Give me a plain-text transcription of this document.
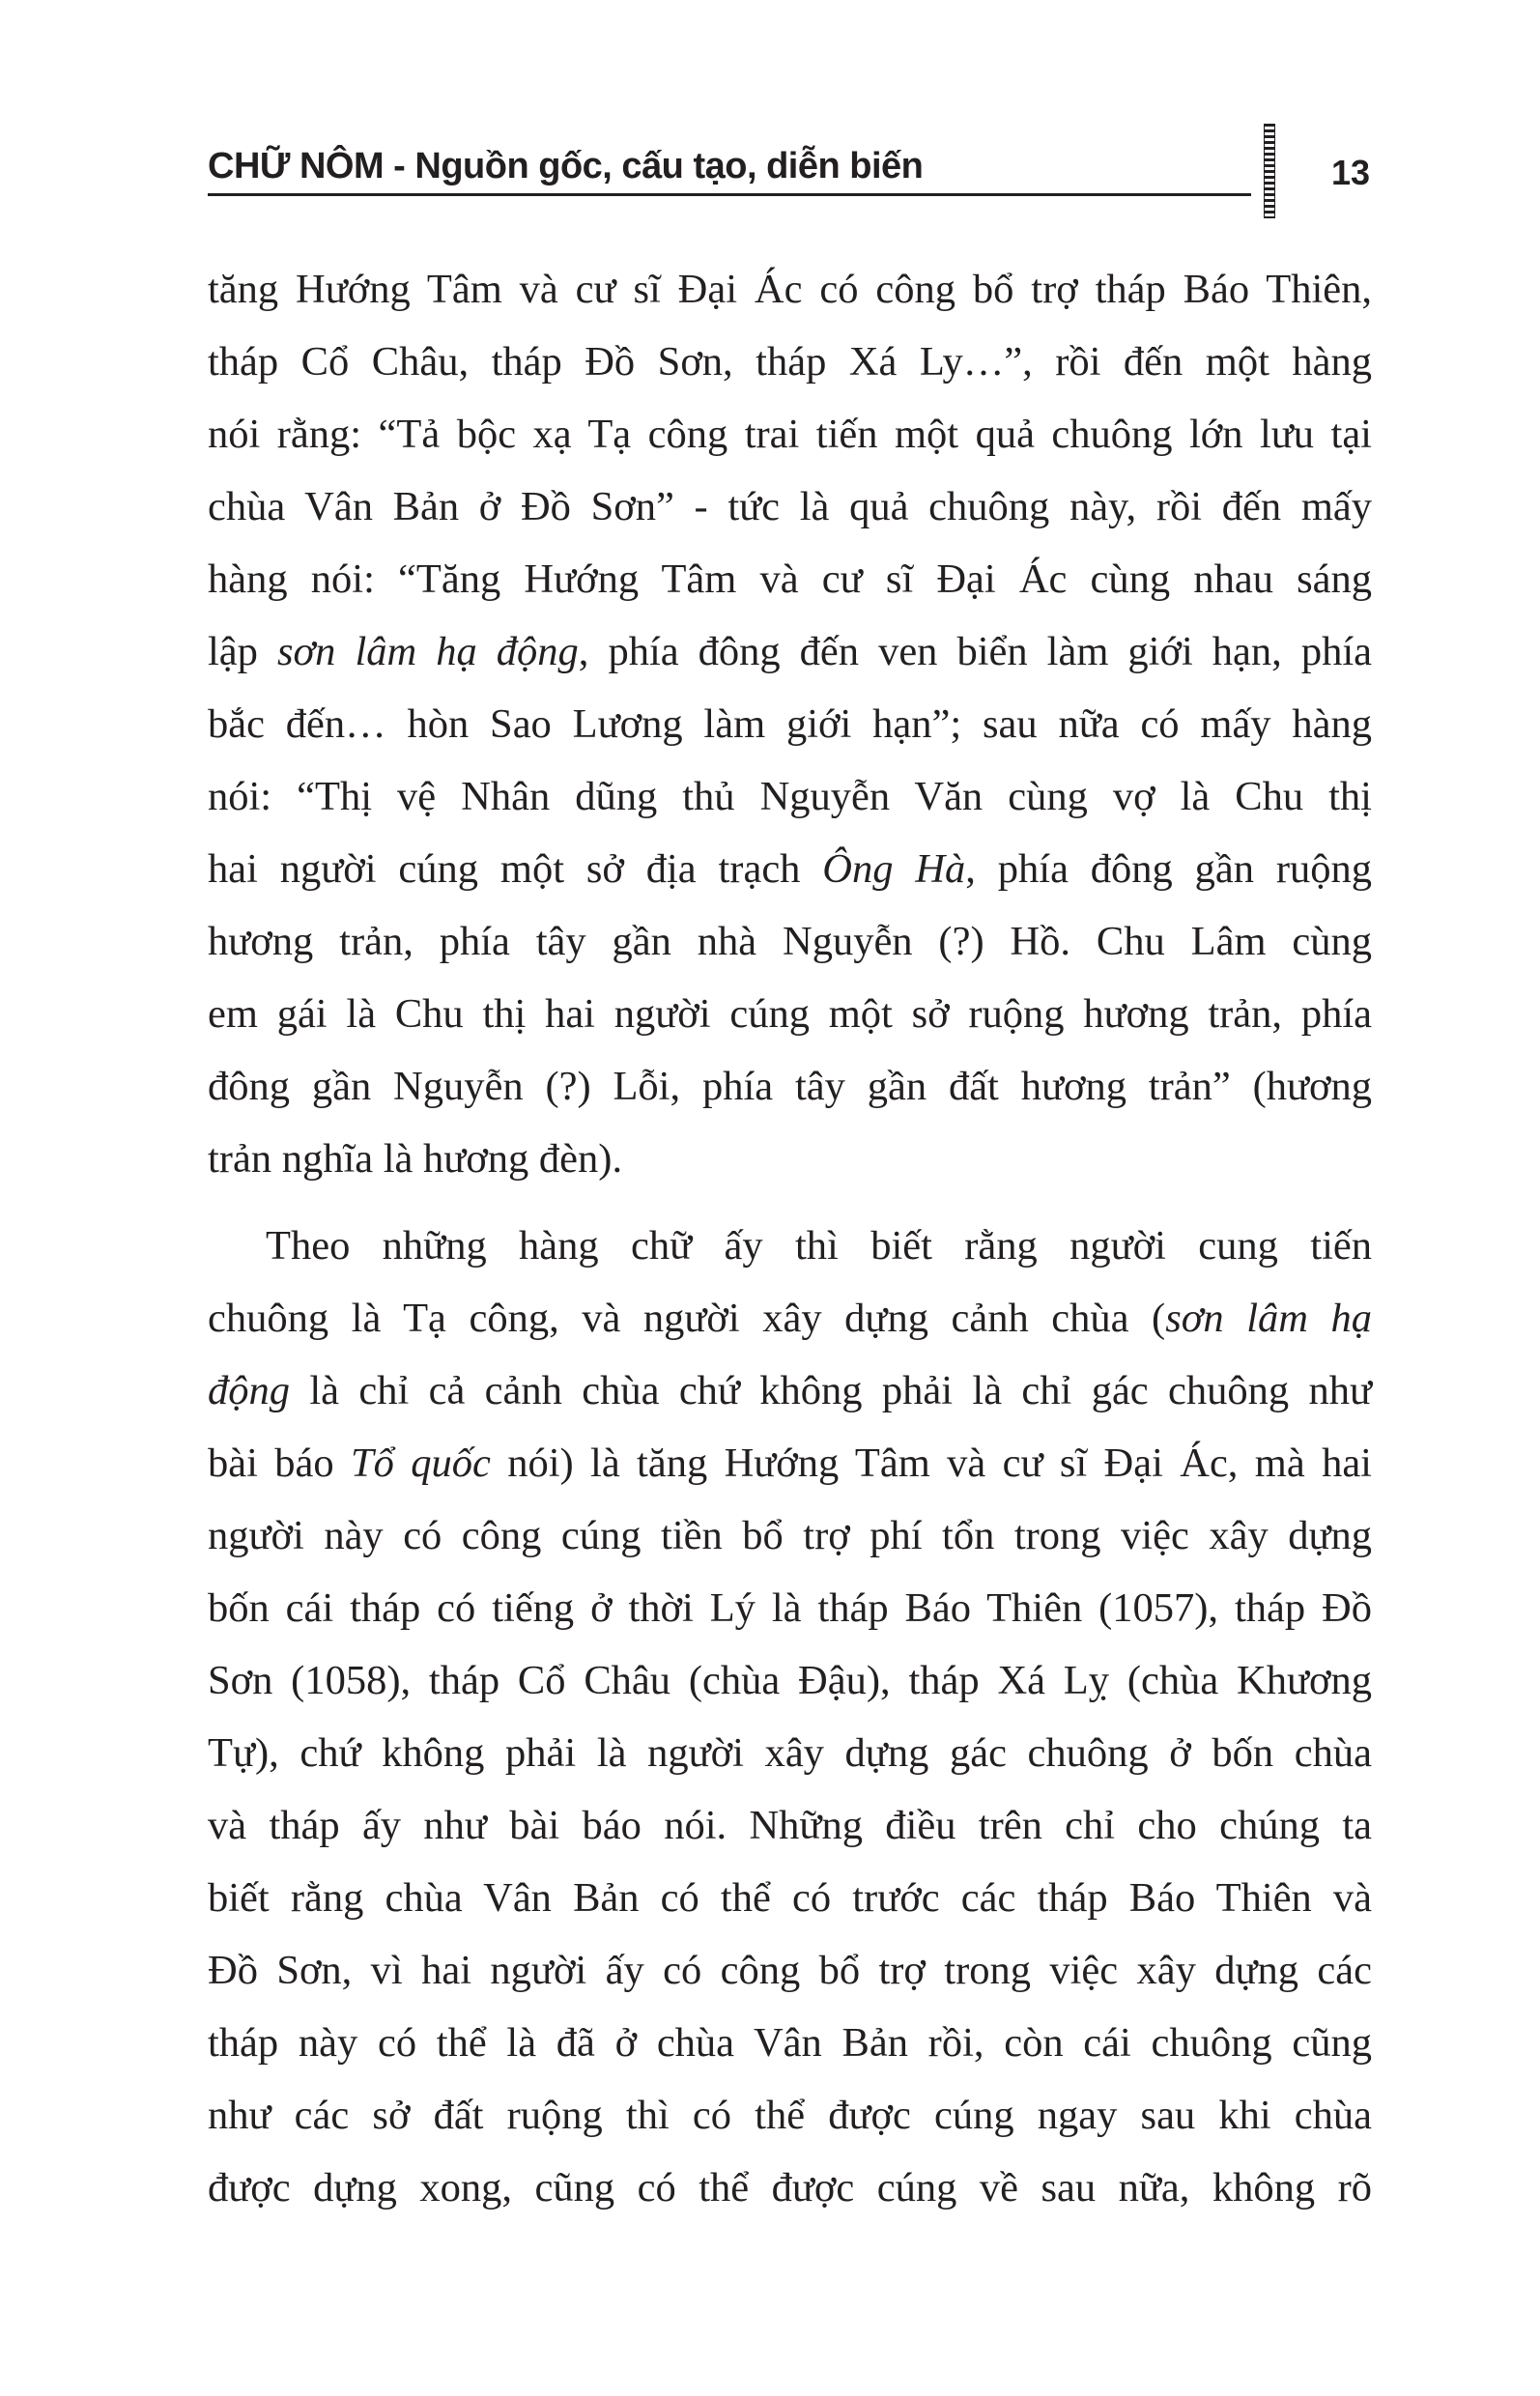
CHỮ NÔM - Nguồn gốc, cấu tạo, diễn biến	13
tăng Hướng Tâm và cư sĩ Đại Ác có công bổ trợ tháp Báo Thiên,
tháp Cổ Châu, tháp Đồ Sơn, tháp Xá Ly…”, rồi đến một hàng
nói rằng: “Tả bộc xạ Tạ công trai tiến một quả chuông lớn lưu tại
chùa Vân Bản ở Đồ Sơn” - tức là quả chuông này, rồi đến mấy
hàng nói: “Tăng Hướng Tâm và cư sĩ Đại Ác cùng nhau sáng
lập sơn lâm hạ động, phía đông đến ven biển làm giới hạn, phía
bắc đến… hòn Sao Lương làm giới hạn”; sau nữa có mấy hàng
nói: “Thị vệ Nhân dũng thủ Nguyễn Văn cùng vợ là Chu thị
hai người cúng một sở địa trạch Ông Hà, phía đông gần ruộng
hương trản, phía tây gần nhà Nguyễn (?) Hồ. Chu Lâm cùng
em gái là Chu thị hai người cúng một sở ruộng hương trản, phía
đông gần Nguyễn (?) Lỗi, phía tây gần đất hương trản” (hương
trản nghĩa là hương đèn).
Theo những hàng chữ ấy thì biết rằng người cung tiến
chuông là Tạ công, và người xây dựng cảnh chùa (sơn lâm hạ
động là chỉ cả cảnh chùa chứ không phải là chỉ gác chuông như
bài báo Tổ quốc nói) là tăng Hướng Tâm và cư sĩ Đại Ác, mà hai
người này có công cúng tiền bổ trợ phí tổn trong việc xây dựng
bốn cái tháp có tiếng ở thời Lý là tháp Báo Thiên (1057), tháp Đồ
Sơn (1058), tháp Cổ Châu (chùa Đậu), tháp Xá Lỵ (chùa Khương
Tự), chứ không phải là người xây dựng gác chuông ở bốn chùa
và tháp ấy như bài báo nói. Những điều trên chỉ cho chúng ta
biết rằng chùa Vân Bản có thể có trước các tháp Báo Thiên và
Đồ Sơn, vì hai người ấy có công bổ trợ trong việc xây dựng các
tháp này có thể là đã ở chùa Vân Bản rồi, còn cái chuông cũng
như các sở đất ruộng thì có thể được cúng ngay sau khi chùa
được dựng xong, cũng có thể được cúng về sau nữa, không rõ
